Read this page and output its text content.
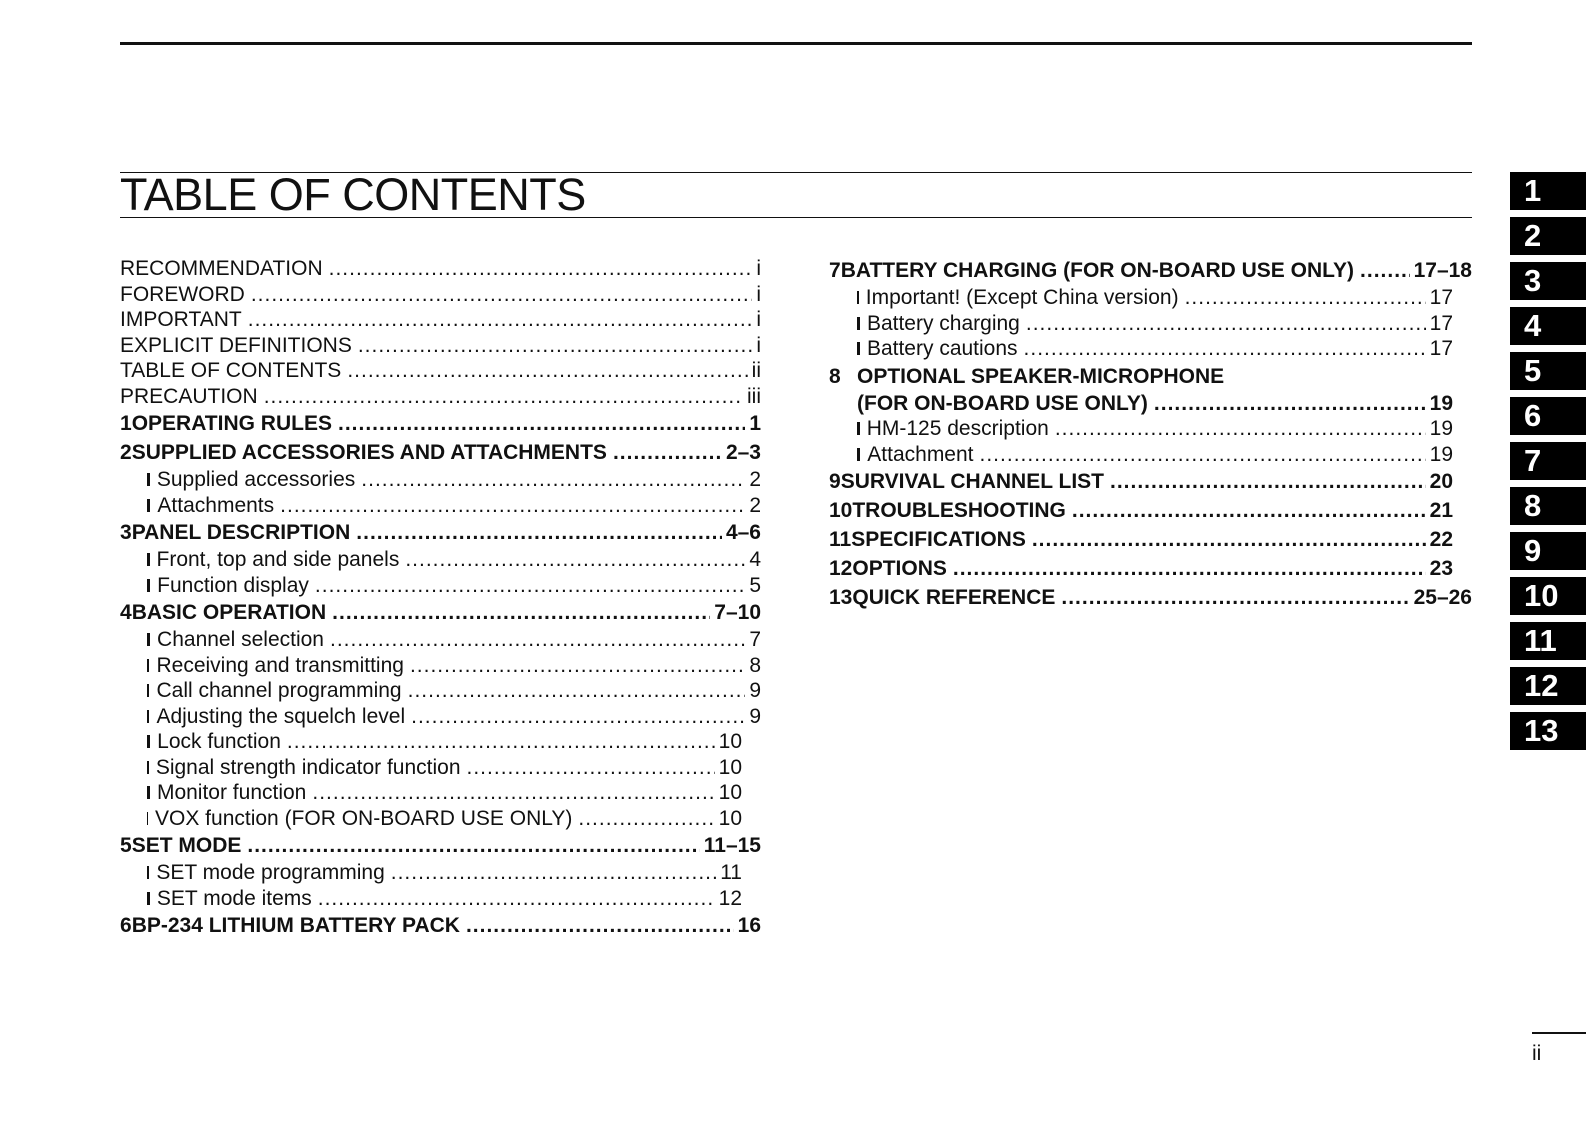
TABLE OF CONTENTS
RECOMMENDATION .....	i
FOREWORD .....	i
IMPORTANT .....	i
EXPLICIT DEFINITIONS .....	i
TABLE OF CONTENTS .....	ii
PRECAUTION .....	iii
1 OPERATING RULES .....	1
2 SUPPLIED ACCESSORIES AND ATTACHMENTS .....	2–3
Supplied accessories .....	2
Attachments .....	2
3 PANEL DESCRIPTION .....	4–6
Front, top and side panels .....	4
Function display .....	5
4 BASIC OPERATION .....	7–10
Channel selection .....	7
Receiving and transmitting .....	8
Call channel programming .....	9
Adjusting the squelch level .....	9
Lock function .....	10
Signal strength indicator function .....	10
Monitor function .....	10
VOX function (FOR ON-BOARD USE ONLY) .....	10
5 SET MODE .....	11–15
SET mode programming .....	11
SET mode items .....	12
6 BP-234 LITHIUM BATTERY PACK .....	16
7 BATTERY CHARGING (FOR ON-BOARD USE ONLY) .....	17–18
Important! (Except China version) .....	17
Battery charging .....	17
Battery cautions .....	17
8 OPTIONAL SPEAKER-MICROPHONE
(FOR ON-BOARD USE ONLY) .....	19
HM-125 description .....	19
Attachment .....	19
9 SURVIVAL CHANNEL LIST .....	20
10 TROUBLESHOOTING .....	21
11 SPECIFICATIONS .....	22
12 OPTIONS .....	23
13 QUICK REFERENCE .....	25–26
1
2
3
4
5
6
7
8
9
10
11
12
13
ii
